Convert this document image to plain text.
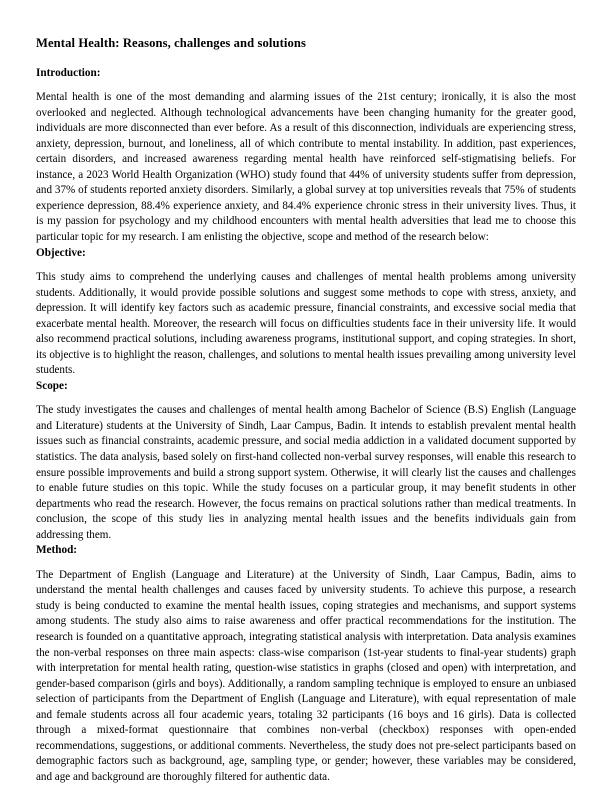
Mental Health: Reasons, challenges and solutions
Introduction:

Mental health is one of the most demanding and alarming issues of the 21st century; ironically, it is also the most overlooked and neglected. Although technological advancements have been changing humanity for the greater good, individuals are more disconnected than ever before. As a result of this disconnection, individuals are experiencing stress, anxiety, depression, burnout, and loneliness, all of which contribute to mental instability. In addition, past experiences, certain disorders, and increased awareness regarding mental health have reinforced self-stigmatising beliefs. For instance, a 2023 World Health Organization (WHO) study found that 44% of university students suffer from depression, and 37% of students reported anxiety disorders. Similarly, a global survey at top universities reveals that 75% of students experience depression, 88.4% experience anxiety, and 84.4% experience chronic stress in their university lives. Thus, it is my passion for psychology and my childhood encounters with mental health adversities that lead me to choose this particular topic for my research. I am enlisting the objective, scope and method of the research below:

Objective:

This study aims to comprehend the underlying causes and challenges of mental health problems among university students. Additionally, it would provide possible solutions and suggest some methods to cope with stress, anxiety, and depression. It will identify key factors such as academic pressure, financial constraints, and excessive social media that exacerbate mental health. Moreover, the research will focus on difficulties students face in their university life. It would also recommend practical solutions, including awareness programs, institutional support, and coping strategies. In short, its objective is to highlight the reason, challenges, and solutions to mental health issues prevailing among university level students.

Scope:

The study investigates the causes and challenges of mental health among Bachelor of Science (B.S) English (Language and Literature) students at the University of Sindh, Laar Campus, Badin. It intends to establish prevalent mental health issues such as financial constraints, academic pressure, and social media addiction in a validated document supported by statistics. The data analysis, based solely on first-hand collected non-verbal survey responses, will enable this research to ensure possible improvements and build a strong support system. Otherwise, it will clearly list the causes and challenges to enable future studies on this topic. While the study focuses on a particular group, it may benefit students in other departments who read the research. However, the focus remains on practical solutions rather than medical treatments. In conclusion, the scope of this study lies in analyzing mental health issues and the benefits individuals gain from addressing them.

Method:

The Department of English (Language and Literature) at the University of Sindh, Laar Campus, Badin, aims to understand the mental health challenges and causes faced by university students. To achieve this purpose, a research study is being conducted to examine the mental health issues, coping strategies and mechanisms, and support systems among students. The study also aims to raise awareness and offer practical recommendations for the institution. The research is founded on a quantitative approach, integrating statistical analysis with interpretation. Data analysis examines the non-verbal responses on three main aspects: class-wise comparison (1st-year students to final-year students) graph with interpretation for mental health rating, question-wise statistics in graphs (closed and open) with interpretation, and gender-based comparison (girls and boys). Additionally, a random sampling technique is employed to ensure an unbiased selection of participants from the Department of English (Language and Literature), with equal representation of male and female students across all four academic years, totaling 32 participants (16 boys and 16 girls). Data is collected through a mixed-format questionnaire that combines non-verbal (checkbox) responses with open-ended recommendations, suggestions, or additional comments. Nevertheless, the study does not pre-select participants based on demographic factors such as background, age, sampling type, or gender; however, these variables may be considered, and age and background are thoroughly filtered for authentic data.
